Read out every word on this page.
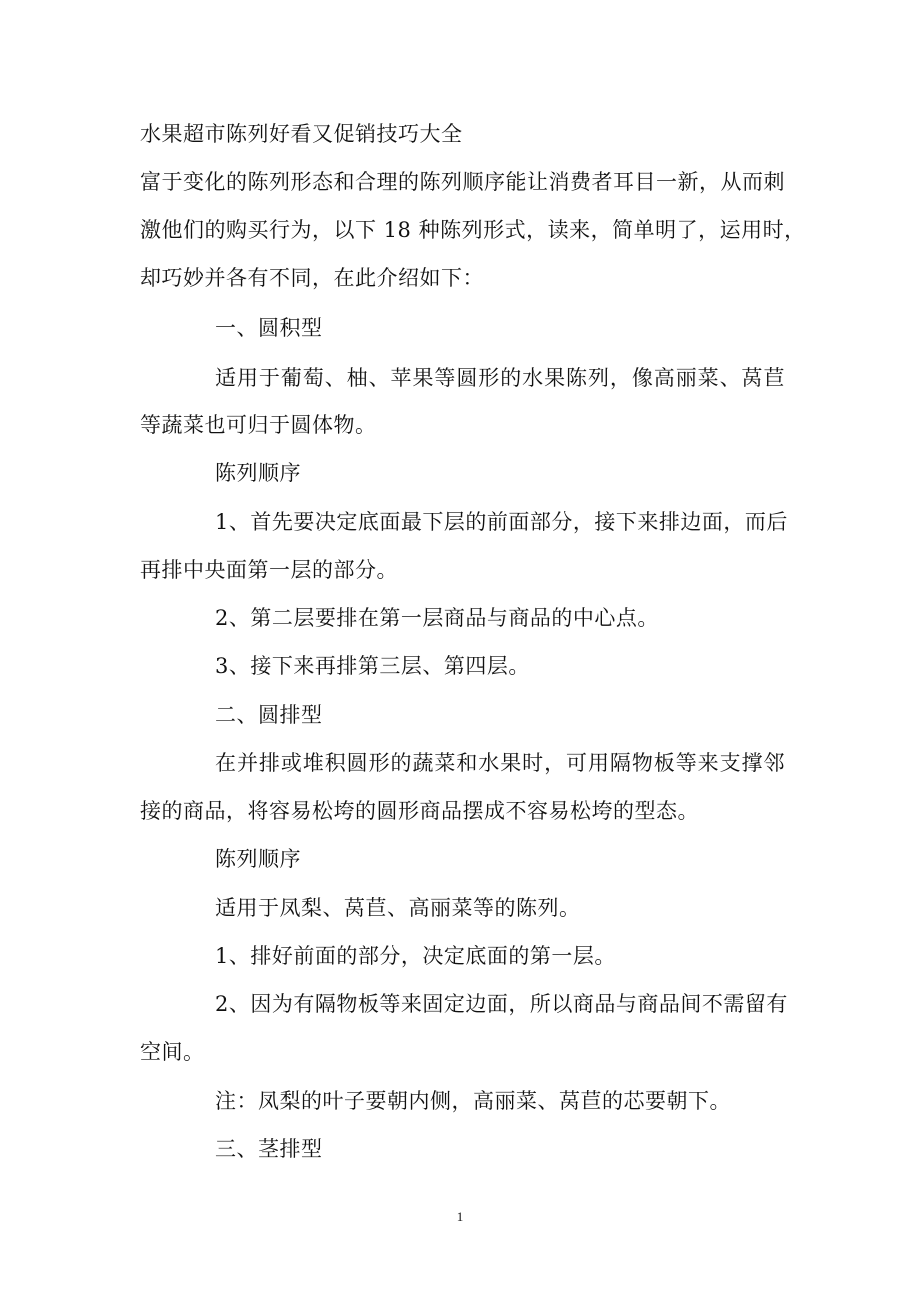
水果超市陈列好看又促销技巧大全
富于变化的陈列形态和合理的陈列顺序能让消费者耳目一新，从而刺
激他们的购买行为，以下 18 种陈列形式，读来，简单明了，运用时，
却巧妙并各有不同，在此介绍如下：
一、圆积型
适用于葡萄、柚、苹果等圆形的水果陈列，像高丽菜、莴苣
等蔬菜也可归于圆体物。
陈列顺序
1、首先要决定底面最下层的前面部分，接下来排边面，而后
再排中央面第一层的部分。
2、第二层要排在第一层商品与商品的中心点。
3、接下来再排第三层、第四层。
二、圆排型
在并排或堆积圆形的蔬菜和水果时，可用隔物板等来支撑邻
接的商品，将容易松垮的圆形商品摆成不容易松垮的型态。
陈列顺序
适用于凤梨、莴苣、高丽菜等的陈列。
1、排好前面的部分，决定底面的第一层。
2、因为有隔物板等来固定边面，所以商品与商品间不需留有
空间。
注：凤梨的叶子要朝内侧，高丽菜、莴苣的芯要朝下。
三、茎排型
1
